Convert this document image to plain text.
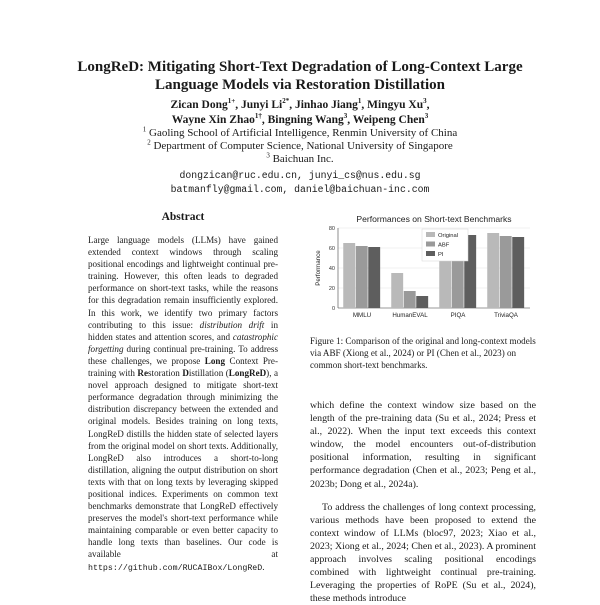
LongReD: Mitigating Short-Text Degradation of Long-Context Large
Language Models via Restoration Distillation
Zican Dong$^{1+}$, Junyi $Li^{2*}$, Jinhao Jiang$^1$, Mingyu Xu$^3$,
Wayne Xin Zhao$^{1\dagger}$, Bingning Wang$^3$, Weipeng Chen$^3$
$^1$ Gaoling School of Artificial Intelligence, Renmin University of China
$^2$ Department of Computer Science, National University of Singapore
$^3$ Baichuan Inc.
dongzican@ruc.edu.cn, junyi_cs@nus.edu.sg
batmanfly@gmail.com, daniel@baichuan-inc.com
Abstract
Large language models (LLMs) have gained extended context windows through scaling positional encodings and lightweight continual pre-training. However, this often leads to degraded performance on short-text tasks, while the reasons for this degradation remain insufficiently explored. In this work, we identify two primary factors contributing to this issue: distribution drift in hidden states and attention scores, and catastrophic forgetting during continual pre-training. To address these challenges, we propose Long Context Pre-training with Restoration Distillation (LongReD), a novel approach designed to mitigate short-text performance degradation through minimizing the distribution discrepancy between the extended and original models. Besides training on long texts, LongReD distills the hidden state of selected layers from the original model on short texts. Additionally, LongReD also introduces a short-to-long distillation, aligning the output distribution on short texts with that on long texts by leveraging skipped positional indices. Experiments on common text benchmarks demonstrate that LongReD effectively preserves the model's short-text performance while maintaining comparable or even better capacity to handle long texts than baselines. Our code is available at https://github.com/RUCAIBox/LongReD.
Performances on Short-text Benchmarks
0
20
40
60
80
Performance
MMLU	HumanEVAL	PIQA	TriviaQA
Original
ABF
PI
Figure 1: Comparison of the original and long-context models via ABF (Xiong et al., 2024) or PI (Chen et al., 2023) on common short-text benchmarks.

which define the context window size based on the length of the pre-training data (Su et al., 2024; Press et al., 2022). When the input text exceeds this context window, the model encounters out-of-distribution positional information, resulting in significant performance degradation (Chen et al., 2023; Peng et al., 2023b; Dong et al., 2024a).

To address the challenges of long context processing, various methods have been proposed to extend the context window of LLMs (bloc97, 2023; Xiao et al., 2023; Xiong et al., 2024; Chen et al., 2023). A prominent approach involves scaling positional encodings combined with lightweight continual pre-training. Leveraging the properties of RoPE (Su et al., 2024), these methods introduce
